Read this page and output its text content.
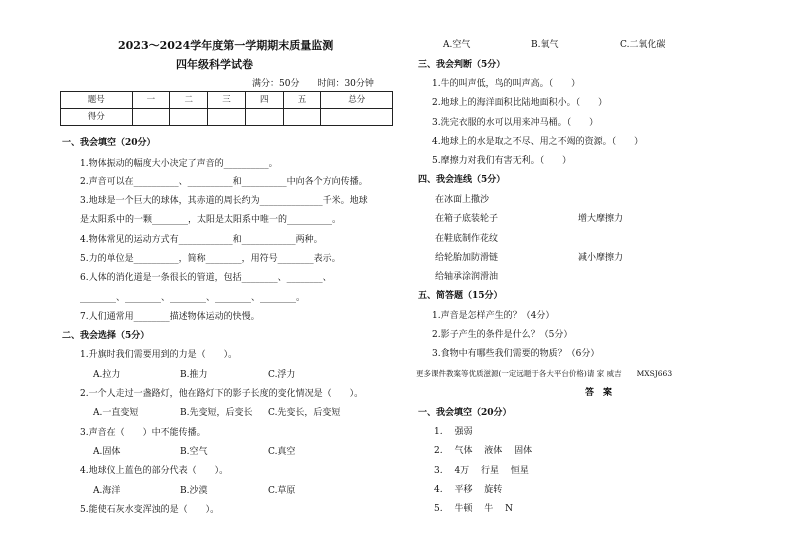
2023～2024学年度第一学期期末质量监测
四年级科学试卷
满分：50分　　时间：30分钟
题号	一	二	三	四	五	总分
得分						
一、我会填空（20分）
1.物体振动的幅度大小决定了声音的__________。
2.声音可以在__________、__________和__________中向各个方向传播。
3.地球是一个巨大的球体，其赤道的周长约为______________千米。地球
是太阳系中的一颗________，太阳是太阳系中唯一的__________。
4.物体常见的运动方式有____________和____________两种。
5.力的单位是__________，简称________，用符号________表示。
6.人体的消化道是一条很长的管道，包括________、________、
________、________、________、________、________。
7.人们通常用________描述物体运动的快慢。
二、我会选择（5分）
1.升旗时我们需要用到的力是（　　）。
A.拉力	B.推力	C.浮力
2.一个人走过一盏路灯，他在路灯下的影子长度的变化情况是（　　）。
A.一直变短	B.先变短，后变长 C.先变长，后变短
3.声音在（　　）中不能传播。
A.固体	B.空气	C.真空
4.地球仪上蓝色的部分代表（　　）。
A.海洋	B.沙漠	C.草原
5.能使石灰水变浑浊的是（　　）。
A.空气	B.氧气	C.二氧化碳
三、我会判断（5分）
1.牛的叫声低，鸟的叫声高。（　　）
2.地球上的海洋面积比陆地面积小。（　　）
3.洗完衣服的水可以用来冲马桶。（　　）
4.地球上的水是取之不尽、用之不竭的资源。（　　）
5.摩擦力对我们有害无利。（　　）
四、我会连线（5分）
在冰面上撒沙
在箱子底装轮子
在鞋底制作花纹
给轮胎加防滑链
给轴承涂润滑油
增大摩擦力
减小摩擦力
五、简答题（15分）
1.声音是怎样产生的？（4分）
2.影子产生的条件是什么？（5分）
3.食物中有哪些我们需要的物质？（6分）
更多课件教案等优质滋源(一定远题于各大平台价格)请 家 威吉　　MXSJ663
答　案
一、我会填空（20分）
1.　 强弱
2.　 气体　 液体　 固体
3.　 4万　 行星　 恒星
4.　 平移　 旋转
5.　 牛顿　 牛　 N
